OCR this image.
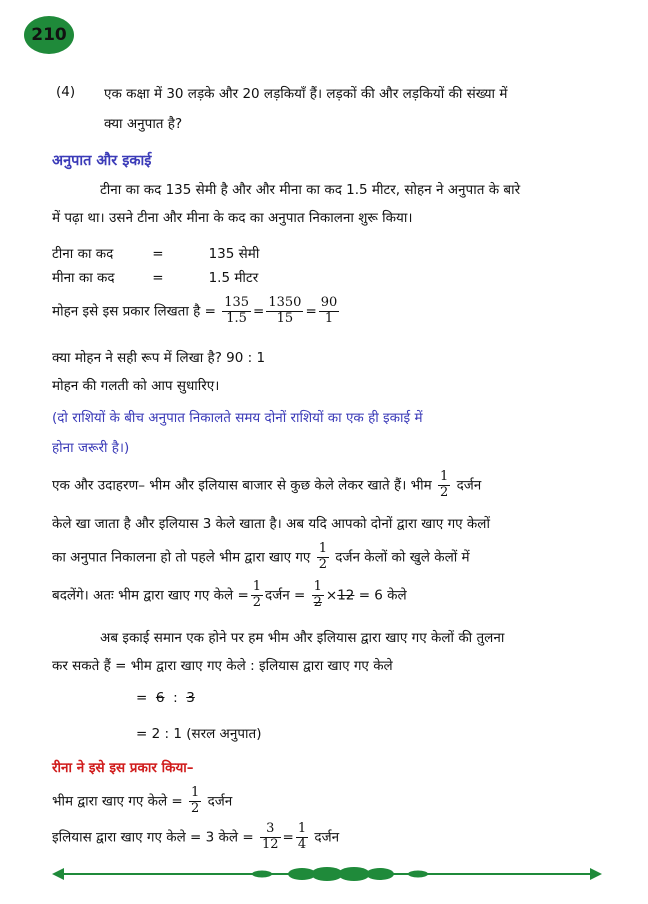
210
(4) एक कक्षा में 30 लड़के और 20 लड़कियाँ हैं। लड़कों की और लड़कियों की संख्या में
क्या अनुपात है?
अनुपात और इकाई
टीना का कद 135 सेमी है और और मीना का कद 1.5 मीटर, सोहन ने अनुपात के बारे
में पढ़ा था। उसने टीना और मीना के कद का अनुपात निकालना शुरू किया।
टीना का कद	=	135 सेमी
मीना का कद	=	1.5 मीटर
मोहन इसे इस प्रकार लिखता है = $\frac{135}{1.5} = \frac{1350}{15} = \frac{90}{1}$
क्या मोहन ने सही रूप में लिखा है? 90 : 1
मोहन की गलती को आप सुधारिए।
(दो राशियों के बीच अनुपात निकालते समय दोनों राशियों का एक ही इकाई में
होना जरूरी है।)
एक और उदाहरण– भीम और इलियास बाजार से कुछ केले लेकर खाते हैं। भीम $\frac{1}{2}$ दर्जन
केले खा जाता है और इलियास 3 केले खाता है। अब यदि आपको दोनों द्वारा खाए गए केलों
का अनुपात निकालना हो तो पहले भीम द्वारा खाए गए $\frac{1}{2}$ दर्जन केलों को खुले केलों में
बदलेंगे। अतः भीम द्वारा खाए गए केले = $\frac{1}{2}$ दर्जन = $\frac{1}{2} \times 12 = 6$ केले
अब इकाई समान एक होने पर हम भीम और इलियास द्वारा खाए गए केलों की तुलना
कर सकते हैं = भीम द्वारा खाए गए केले : इलियास द्वारा खाए गए केले
= 6 : 3
= 2 : 1 (सरल अनुपात)
रीना ने इसे इस प्रकार किया–
भीम द्वारा खाए गए केले = $\frac{1}{2}$ दर्जन
इलियास द्वारा खाए गए केले = 3 केले = $\frac{3}{12} = \frac{1}{4}$ दर्जन
